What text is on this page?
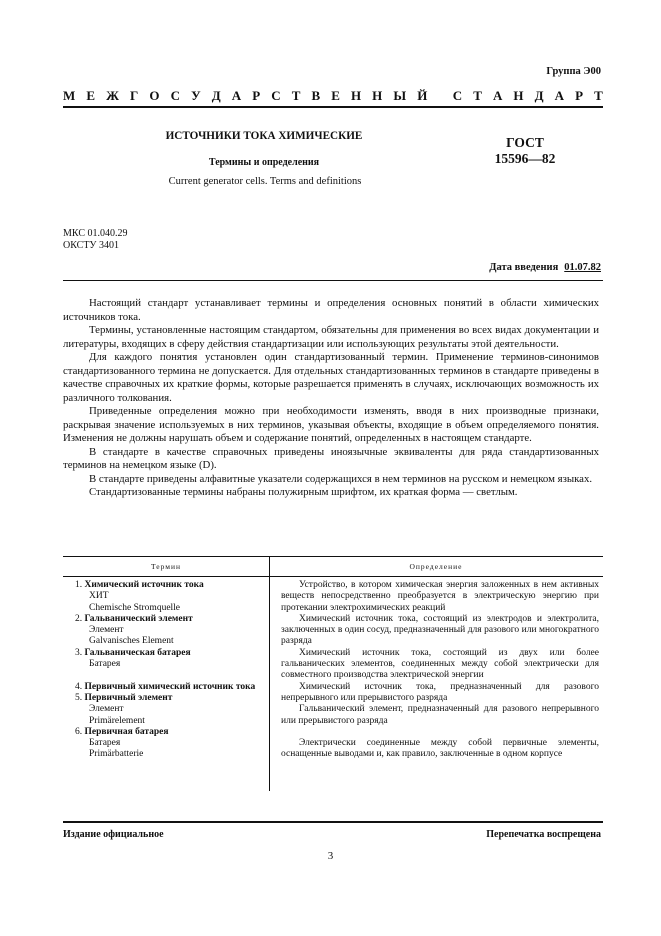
Группа Э00
М Е Ж Г О С У Д А Р С Т В Е Н Н Ы Й
С Т А Н Д А Р Т
ИСТОЧНИКИ ТОКА ХИМИЧЕСКИЕ
Термины и определения
Current generator cells. Terms and definitions
ГОСТ
15596—82
МКС 01.040.29
ОКСТУ 3401
Дата введения 01.07.82

Настоящий стандарт устанавливает термины и определения основных понятий в области химических источников тока.

Термины, установленные настоящим стандартом, обязательны для применения во всех видах документации и литературы, входящих в сферу действия стандартизации или использующих результаты этой деятельности.

Для каждого понятия установлен один стандартизованный термин. Применение терминов-синонимов стандартизованного термина не допускается. Для отдельных стандартизованных терминов в стандарте приведены в качестве справочных их краткие формы, которые разрешается применять в случаях, исключающих возможность их различного толкования.

Приведенные определения можно при необходимости изменять, вводя в них производные признаки, раскрывая значение используемых в них терминов, указывая объекты, входящие в объем определяемого понятия. Изменения не должны нарушать объем и содержание понятий, определенных в настоящем стандарте.

В стандарте в качестве справочных приведены иноязычные эквиваленты для ряда стандартизованных терминов на немецком языке (D).

В стандарте приведены алфавитные указатели содержащихся в нем терминов на русском и немецком языках.

Стандартизованные термины набраны полужирным шрифтом, их краткая форма — светлым.

Термин	Определение
1. Химический источник тока
ХИТ
Chemische Stromquelle
2. Гальванический элемент
Элемент
Galvanisches Element
3. Гальваническая батарея
Батарея
4. Первичный химический источник тока
5. Первичный элемент
Элемент
Primärelement
6. Первичная батарея
Батарея
Primärbatterie

Устройство, в котором химическая энергия заложенных в нем активных веществ непосредственно преобразуется в электрическую энергию при протекании электрохимических реакций

Химический источник тока, состоящий из электродов и электролита, заключенных в один сосуд, предназначенный для разового или многократного разряда

Химический источник тока, состоящий из двух или более гальванических элементов, соединенных между собой электрически для совместного производства электрической энергии

Химический источник тока, предназначенный для разового непрерывного или прерывистого разряда

Гальванический элемент, предназначенный для разового непрерывного или прерывистого разряда

Электрически соединенные между собой первичные элементы, оснащенные выводами и, как правило, заключенные в одном корпусе

Издание официальное	Перепечатка воспрещена
3
